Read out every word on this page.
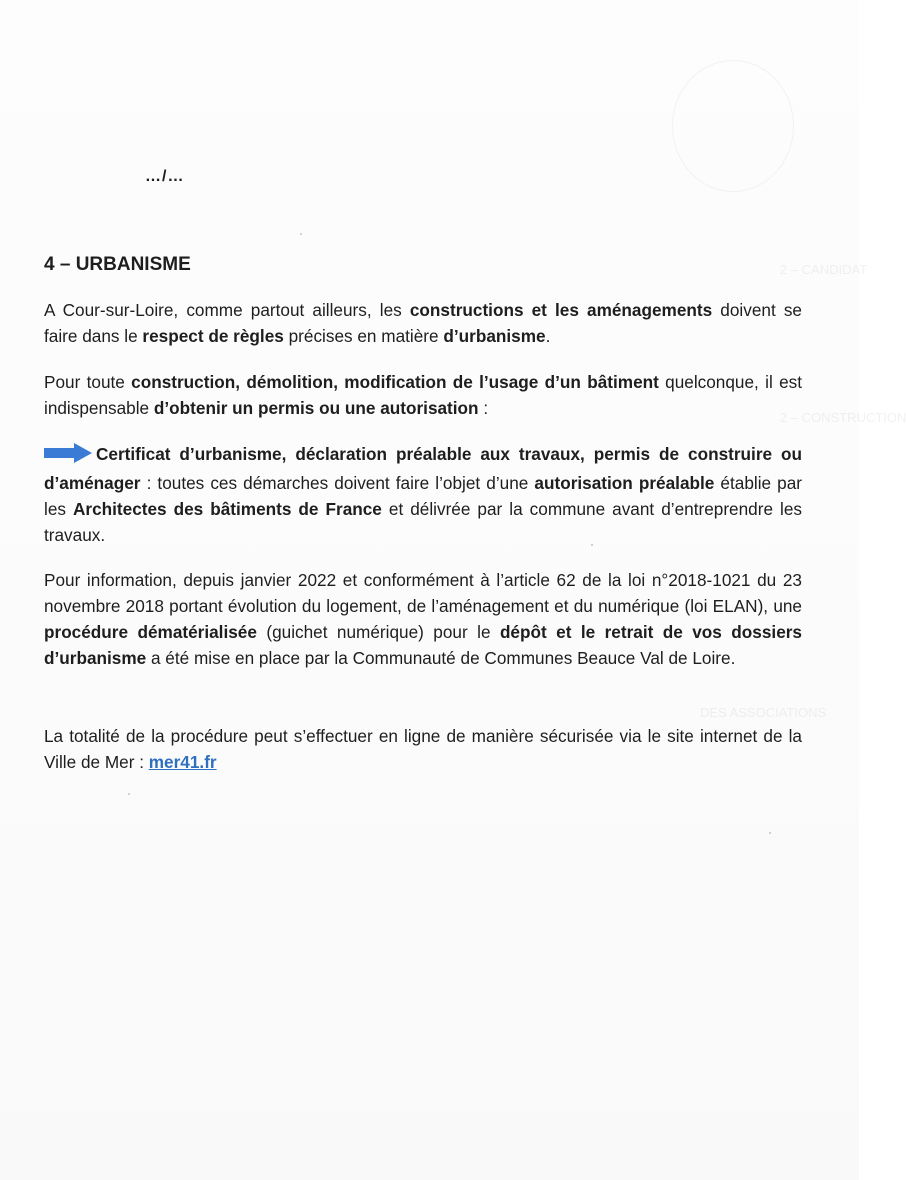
2 – CANDIDAT
2 – CONSTRUCTION
DES ASSOCIATIONS
…/…
4 – URBANISME

A Cour-sur-Loire, comme partout ailleurs, les constructions et les aménagements doivent se faire dans le respect de règles précises en matière d’urbanisme.

Pour toute construction, démolition, modification de l’usage d’un bâtiment quelconque, il est indispensable d’obtenir un permis ou une autorisation :

Certificat d’urbanisme, déclaration préalable aux travaux, permis de construire ou d’aménager : toutes ces démarches doivent faire l’objet d’une autorisation préalable établie par les Architectes des bâtiments de France et délivrée par la commune avant d’entreprendre les travaux.

Pour information, depuis janvier 2022 et conformément à l’article 62 de la loi n°2018-1021 du 23 novembre 2018 portant évolution du logement, de l’aménagement et du numérique (loi ELAN), une procédure dématérialisée (guichet numérique) pour le dépôt et le retrait de vos dossiers d’urbanisme a été mise en place par la Communauté de Communes Beauce Val de Loire.

La totalité de la procédure peut s’effectuer en ligne de manière sécurisée via le site internet de la Ville de Mer : mer41.fr
